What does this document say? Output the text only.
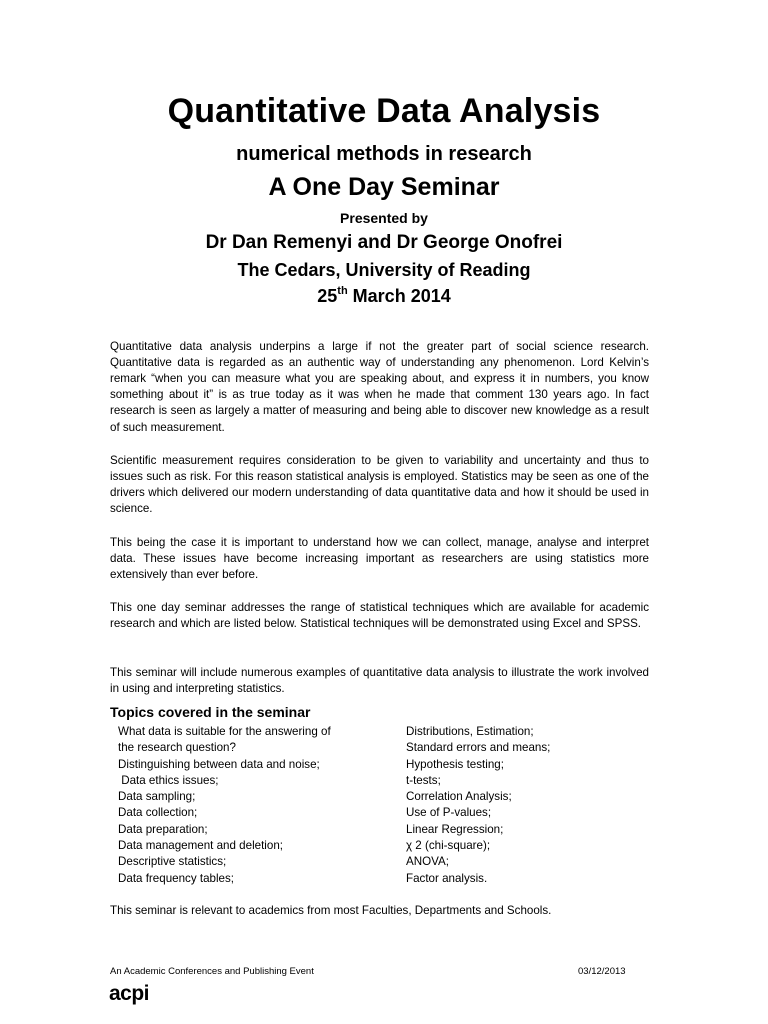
Quantitative Data Analysis
numerical methods in research
A One Day Seminar
Presented by
Dr Dan Remenyi and Dr George Onofrei
The Cedars, University of Reading
25th March 2014

Quantitative data analysis underpins a large if not the greater part of social science research. Quantitative data is regarded as an authentic way of understanding any phenomenon. Lord Kelvin’s remark “when you can measure what you are speaking about, and express it in numbers, you know something about it” is as true today as it was when he made that comment 130 years ago. In fact research is seen as largely a matter of measuring and being able to discover new knowledge as a result of such measurement.

Scientific measurement requires consideration to be given to variability and uncertainty and thus to issues such as risk. For this reason statistical analysis is employed. Statistics may be seen as one of the drivers which delivered our modern understanding of data quantitative data and how it should be used in science.

This being the case it is important to understand how we can collect, manage, analyse and interpret data. These issues have become increasing important as researchers are using statistics more extensively than ever before.

This one day seminar addresses the range of statistical techniques which are available for academic research and which are listed below. Statistical techniques will be demonstrated using Excel and SPSS.

This seminar will include numerous examples of quantitative data analysis to illustrate the work involved in using and interpreting statistics.

Topics covered in the seminar
What data is suitable for the answering of
the research question?
Distinguishing between data and noise;
Data ethics issues;
Data sampling;
Data collection;
Data preparation;
Data management and deletion;
Descriptive statistics;
Data frequency tables;
Distributions, Estimation;
Standard errors and means;
Hypothesis testing;
t-tests;
Correlation Analysis;
Use of P-values;
Linear Regression;
χ 2 (chi-square);
ANOVA;
Factor analysis.
This seminar is relevant to academics from most Faculties, Departments and Schools.
An Academic Conferences and Publishing Event	03/12/2013
acpi
